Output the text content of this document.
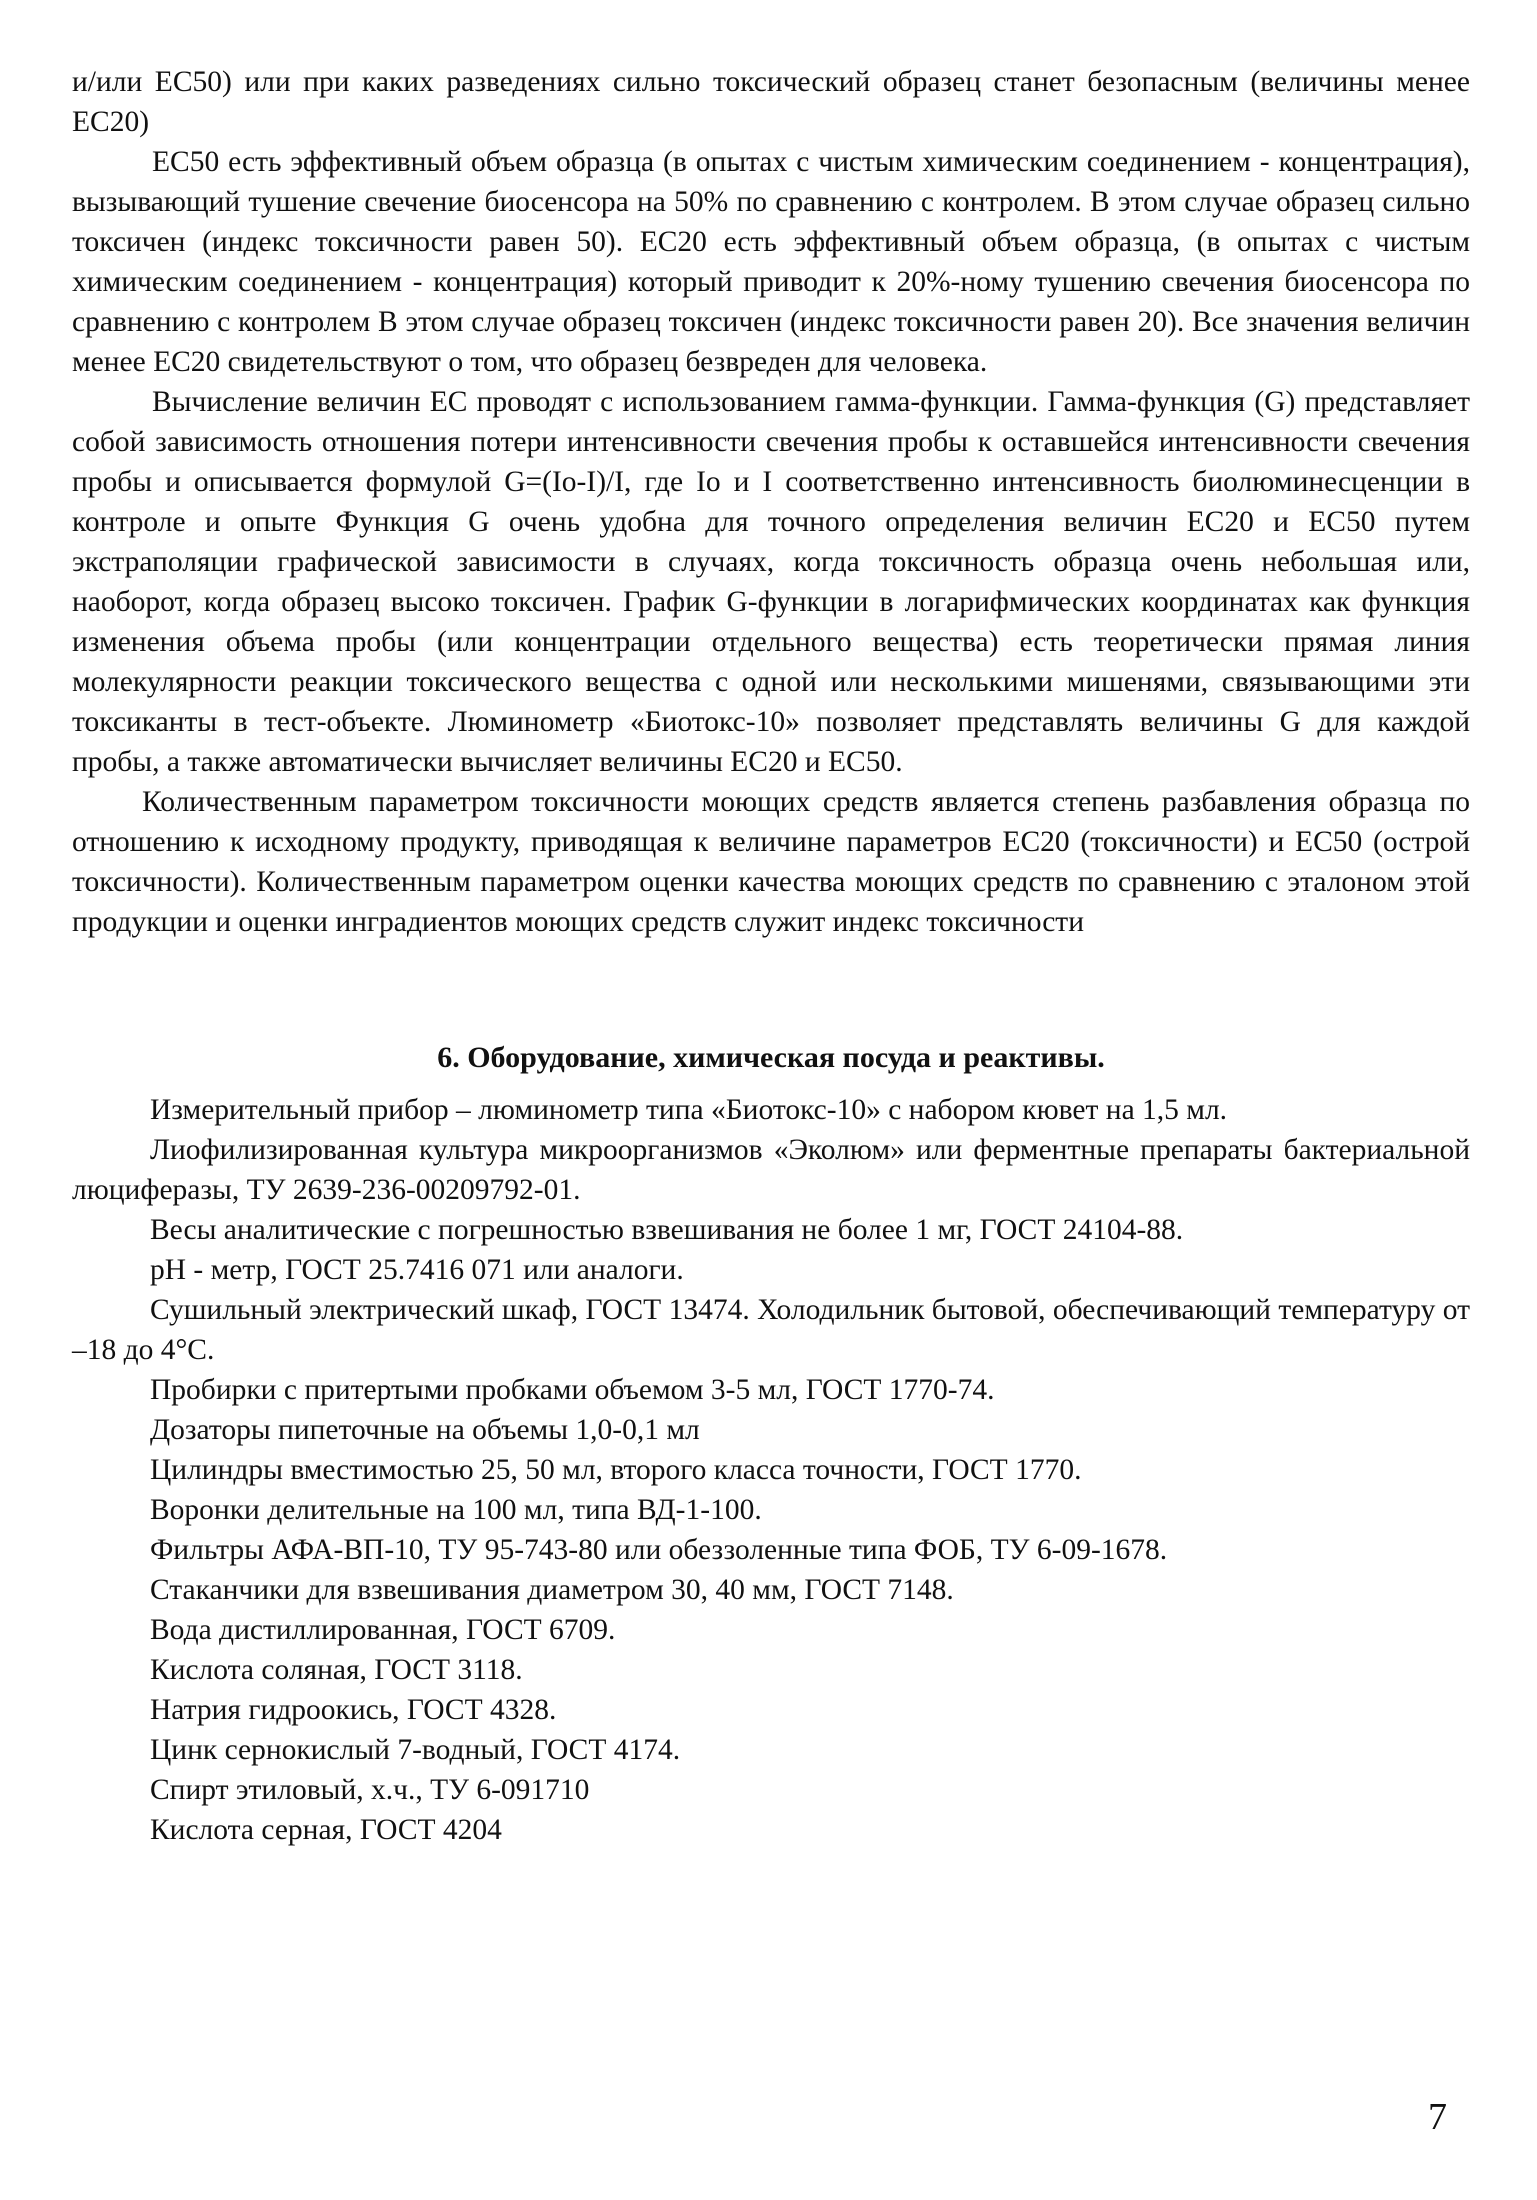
и/или ЕС50) или при каких разведениях сильно токсический образец станет безопасным (величины менее ЕС20)

ЕС50 есть эффективный объем образца (в опытах с чистым химическим соединением - концентрация), вызывающий тушение свечение биосенсора на 50% по сравнению с контролем. В этом случае образец сильно токсичен (индекс токсичности равен 50). ЕС20 есть эффективный объем образца, (в опытах с чистым химическим соединением - концентрация) который приводит к 20%-ному тушению свечения биосенсора по сравнению с контролем В этом случае образец токсичен (индекс токсичности равен 20). Все значения величин менее ЕС20 свидетельствуют о том, что образец безвреден для человека.

Вычисление величин ЕС проводят с использованием гамма-функции. Гамма-функция (G) представляет собой зависимость отношения потери интенсивности свечения пробы к оставшейся интенсивности свечения пробы и описывается формулой G=(Io-I)/I, где Io и I соответственно интенсивность биолюминесценции в контроле и опыте Функция G очень удобна для точного определения величин ЕС20 и ЕС50 путем экстраполяции графической зависимости в случаях, когда токсичность образца очень небольшая или, наоборот, когда образец высоко токсичен. График G-функции в логарифмических координатах как функция изменения объема пробы (или концентрации отдельного вещества) есть теоретически прямая линия молекулярности реакции токсического вещества с одной или несколькими мишенями, связывающими эти токсиканты в тест-объекте. Люминометр «Биотокс-10» позволяет представлять величины G для каждой пробы, а также автоматически вычисляет величины ЕС20 и ЕС50.

Количественным параметром токсичности моющих средств является степень разбавления образца по отношению к исходному продукту, приводящая к величине параметров ЕС20 (токсичности) и ЕС50 (острой токсичности). Количественным параметром оценки качества моющих средств по сравнению с эталоном этой продукции и оценки инградиентов моющих средств служит индекс токсичности

6. Оборудование, химическая посуда и реактивы.

Измерительный прибор – люминометр типа «Биотокс-10» с набором кювет на 1,5 мл.

Лиофилизированная культура микроорганизмов «Эколюм» или ферментные препараты бактериальной люциферазы, ТУ 2639-236-00209792-01.

Весы аналитические с погрешностью взвешивания не более 1 мг, ГОСТ 24104-88.

рН - метр, ГОСТ 25.7416 071 или аналоги.

Сушильный электрический шкаф, ГОСТ 13474. Холодильник бытовой, обеспечивающий температуру от –18 до 4°С.

Пробирки с притертыми пробками объемом 3-5 мл, ГОСТ 1770-74.

Дозаторы пипеточные на объемы 1,0-0,1 мл

Цилиндры вместимостью 25, 50 мл, второго класса точности, ГОСТ 1770.

Воронки делительные на 100 мл, типа ВД-1-100.

Фильтры АФА-ВП-10, ТУ 95-743-80 или обеззоленные типа ФОБ, ТУ 6-09-1678.

Стаканчики для взвешивания диаметром 30, 40 мм, ГОСТ 7148.

Вода дистиллированная, ГОСТ 6709.

Кислота соляная, ГОСТ 3118.

Натрия гидроокись, ГОСТ 4328.

Цинк сернокислый 7-водный, ГОСТ 4174.

Спирт этиловый, х.ч., ТУ 6-091710

Кислота серная, ГОСТ 4204

7
